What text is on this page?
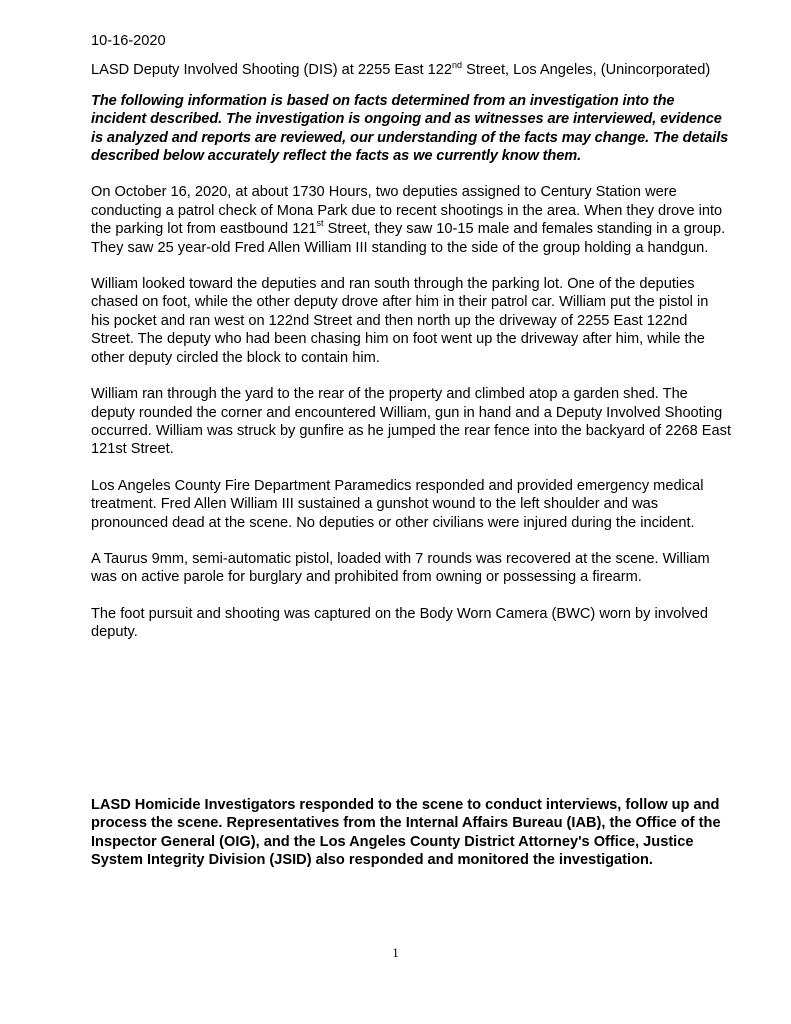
10-16-2020

LASD Deputy Involved Shooting (DIS) at 2255 East 122nd Street, Los Angeles, (Unincorporated)

The following information is based on facts determined from an investigation into the incident described. The investigation is ongoing and as witnesses are interviewed, evidence is analyzed and reports are reviewed, our understanding of the facts may change. The details described below accurately reflect the facts as we currently know them.

On October 16, 2020, at about 1730 Hours, two deputies assigned to Century Station were conducting a patrol check of Mona Park due to recent shootings in the area. When they drove into the parking lot from eastbound 121st Street, they saw 10-15 male and females standing in a group. They saw 25 year-old Fred Allen William III standing to the side of the group holding a handgun.

William looked toward the deputies and ran south through the parking lot. One of the deputies chased on foot, while the other deputy drove after him in their patrol car. William put the pistol in his pocket and ran west on 122nd Street and then north up the driveway of 2255 East 122nd Street. The deputy who had been chasing him on foot went up the driveway after him, while the other deputy circled the block to contain him.

William ran through the yard to the rear of the property and climbed atop a garden shed. The deputy rounded the corner and encountered William, gun in hand and a Deputy Involved Shooting occurred. William was struck by gunfire as he jumped the rear fence into the backyard of 2268 East 121st Street.

Los Angeles County Fire Department Paramedics responded and provided emergency medical treatment. Fred Allen William III sustained a gunshot wound to the left shoulder and was pronounced dead at the scene. No deputies or other civilians were injured during the incident.

A Taurus 9mm, semi-automatic pistol, loaded with 7 rounds was recovered at the scene. William was on active parole for burglary and prohibited from owning or possessing a firearm.

The foot pursuit and shooting was captured on the Body Worn Camera (BWC) worn by involved deputy.

LASD Homicide Investigators responded to the scene to conduct interviews, follow up and process the scene. Representatives from the Internal Affairs Bureau (IAB), the Office of the Inspector General (OIG), and the Los Angeles County District Attorney's Office, Justice System Integrity Division (JSID) also responded and monitored the investigation.

1
